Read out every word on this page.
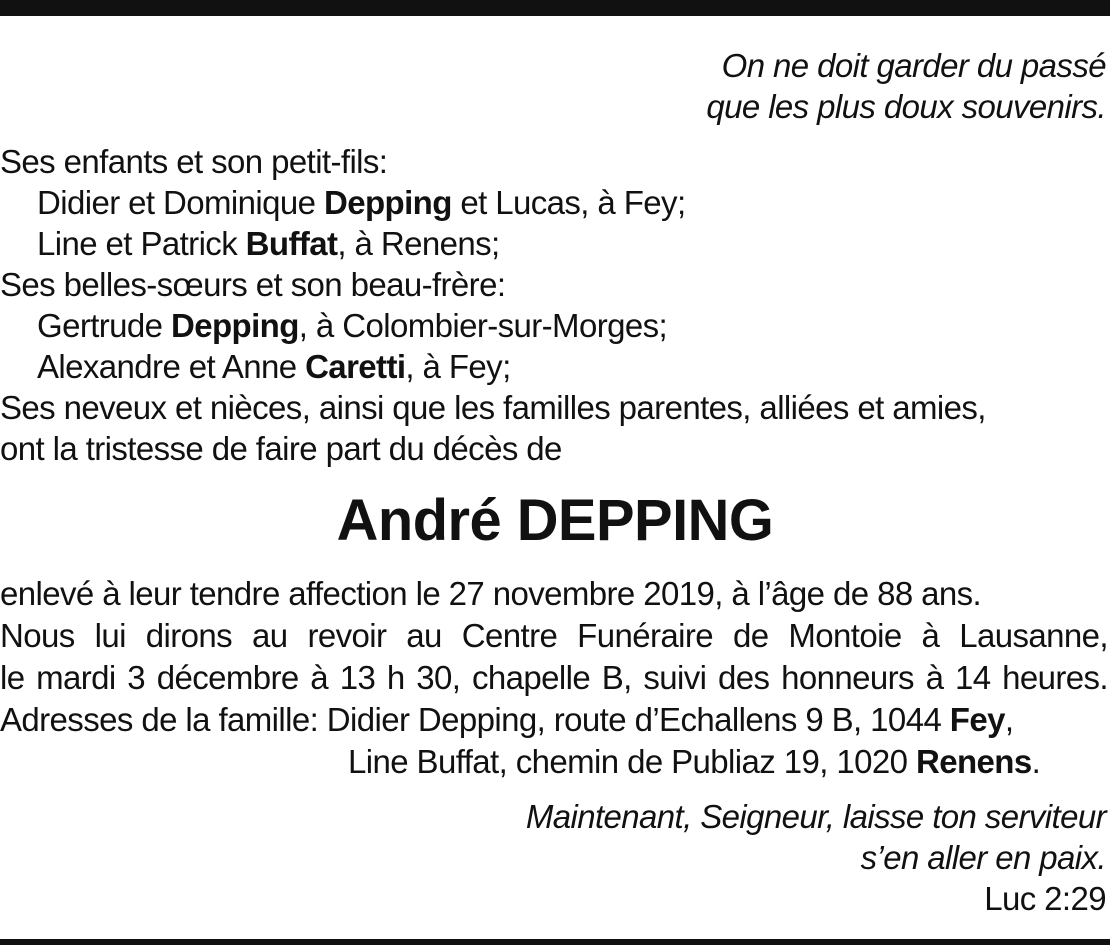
On ne doit garder du passé
que les plus doux souvenirs.
Ses enfants et son petit-fils:
Didier et Dominique Depping et Lucas, à Fey;
Line et Patrick Buffat, à Renens;
Ses belles-sœurs et son beau-frère:
Gertrude Depping, à Colombier-sur-Morges;
Alexandre et Anne Caretti, à Fey;
Ses neveux et nièces, ainsi que les familles parentes, alliées et amies,
ont la tristesse de faire part du décès de
André DEPPING
enlevé à leur tendre affection le 27 novembre 2019, à l’âge de 88 ans.
Nous lui dirons au revoir au Centre Funéraire de Montoie à Lausanne,
le mardi 3 décembre à 13 h 30, chapelle B, suivi des honneurs à 14 heures.
Adresses de la famille: Didier Depping, route d’Echallens 9 B, 1044 Fey,
Line Buffat, chemin de Publiaz 19, 1020 Renens.
Maintenant, Seigneur, laisse ton serviteur
s’en aller en paix.
Luc 2:29
